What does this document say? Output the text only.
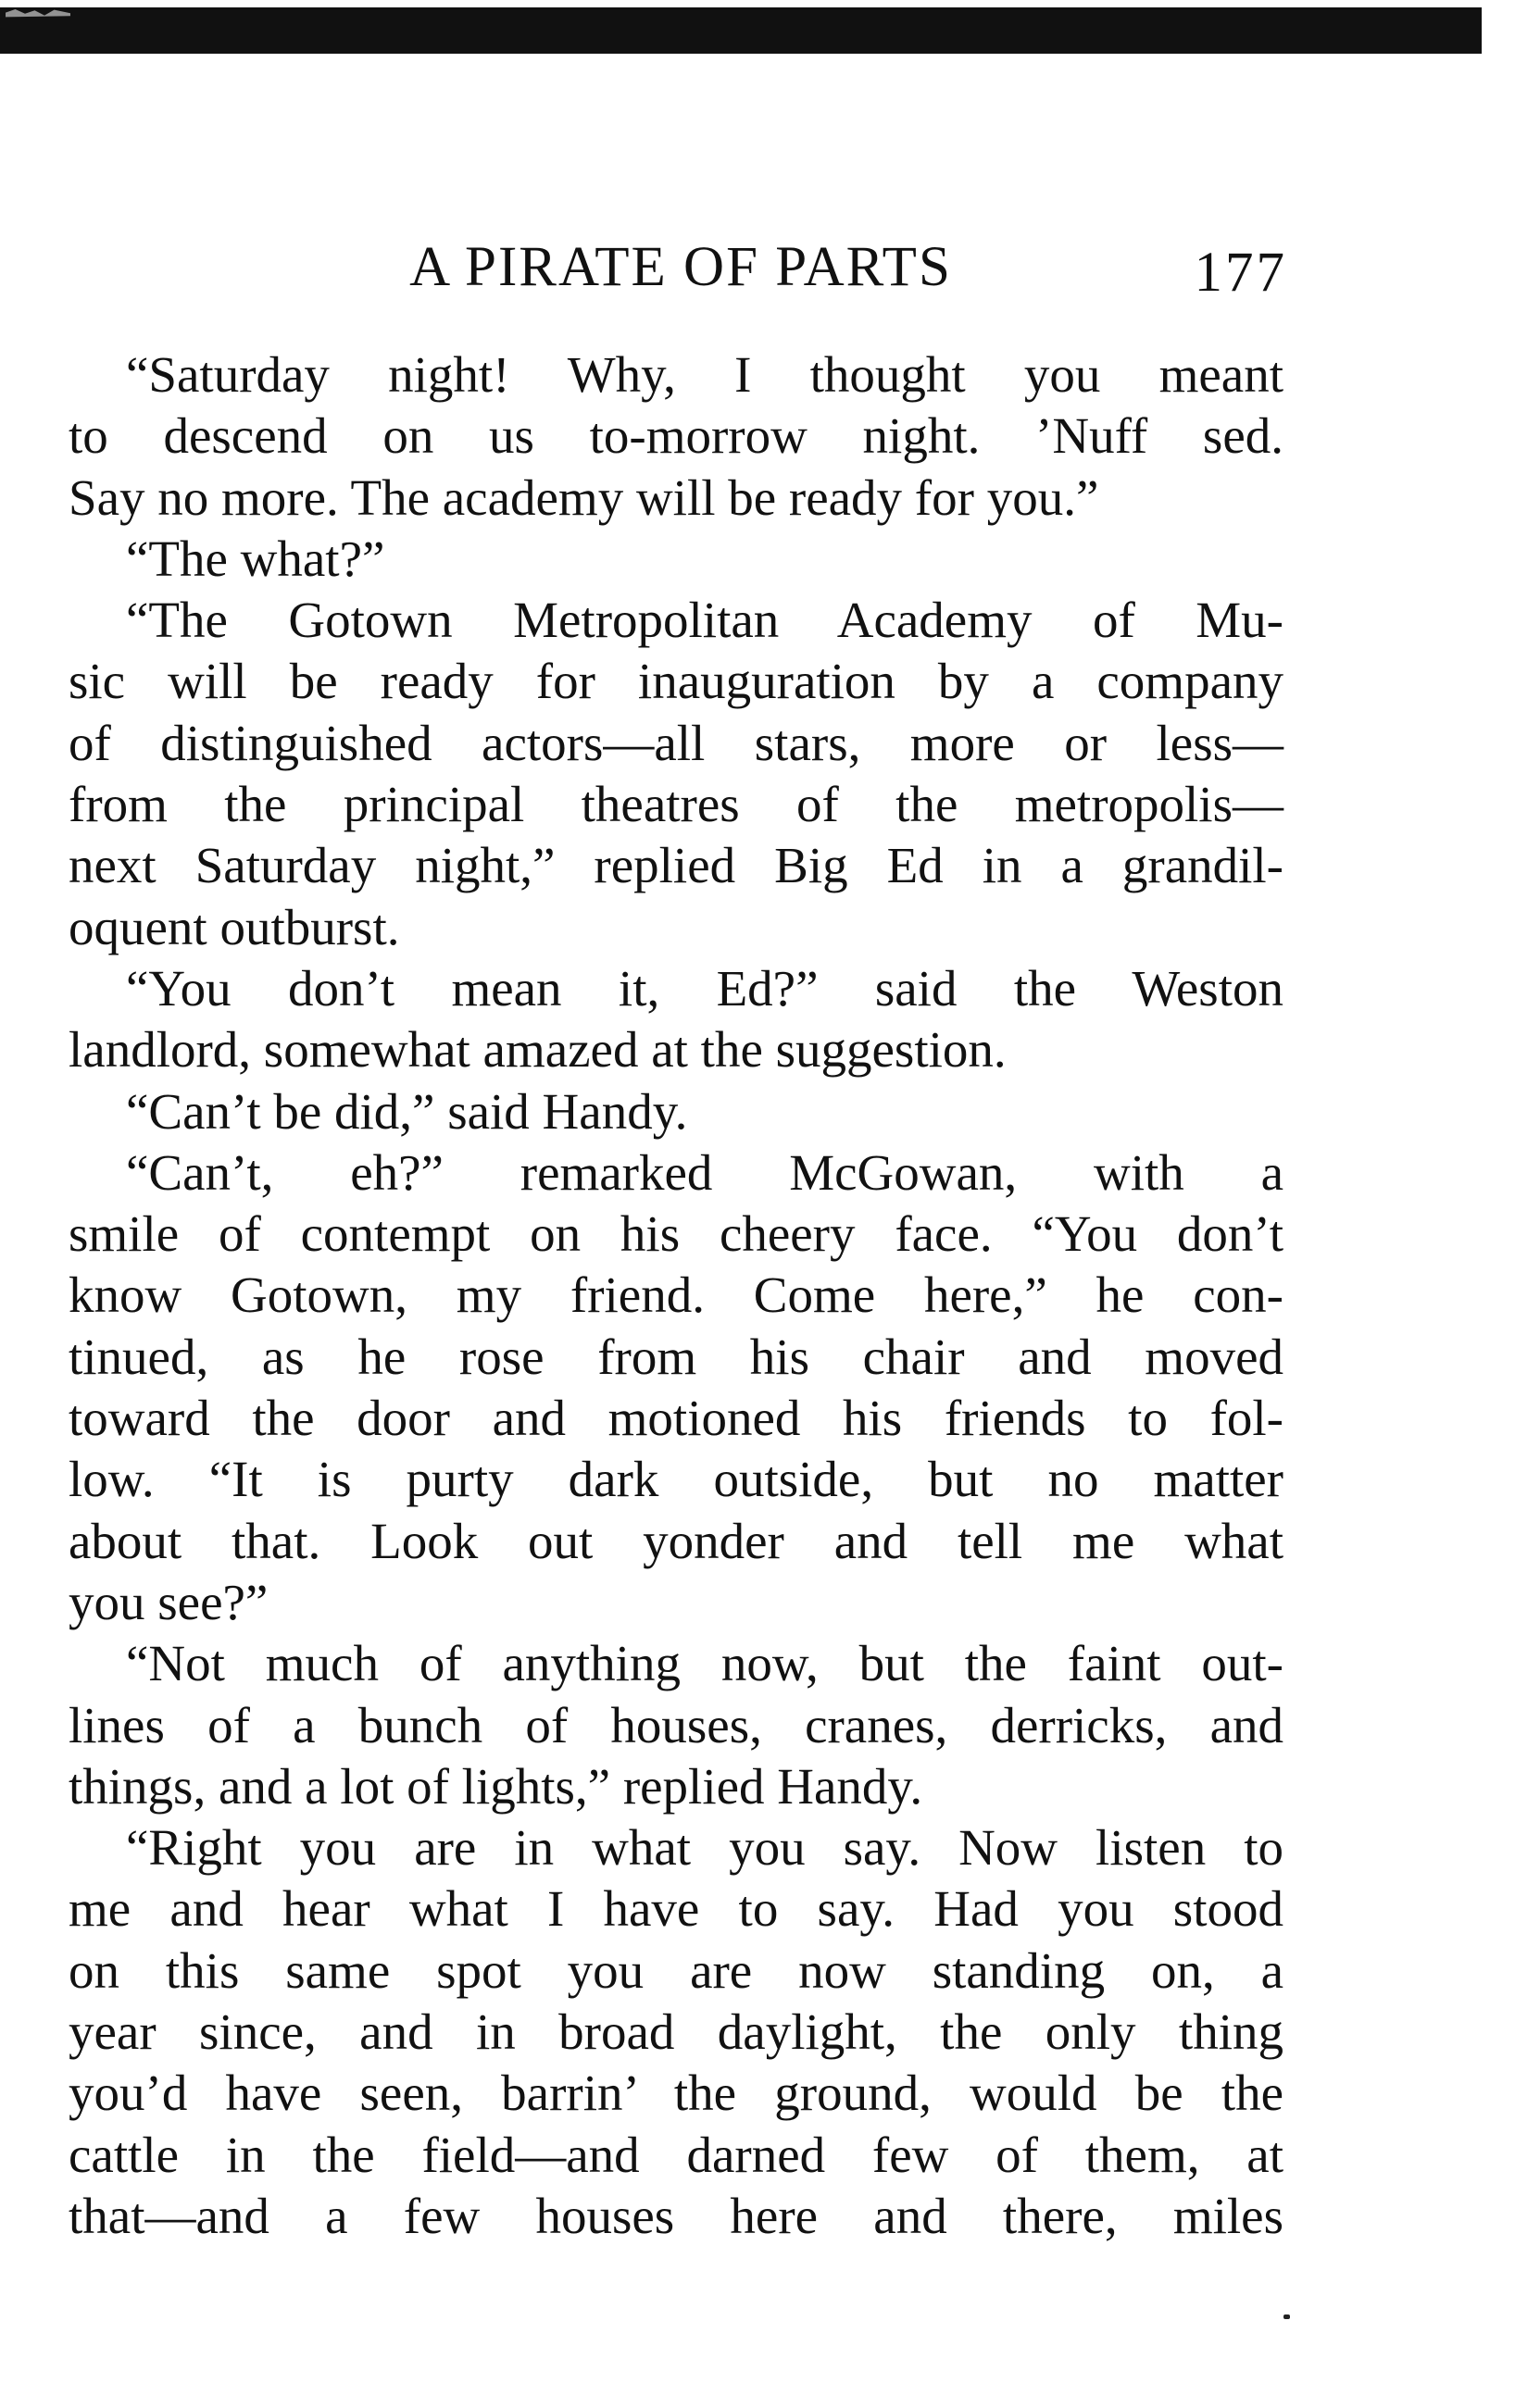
A PIRATE OF PARTS	177
“Saturday night! Why, I thought you meant
to descend on us to-morrow night. ’Nuff sed.
Say no more. The academy will be ready for you.”
“The what?”
“The Gotown Metropolitan Academy of Mu-
sic will be ready for inauguration by a company
of distinguished actors—all stars, more or less—
from the principal theatres of the metropolis—
next Saturday night,” replied Big Ed in a grandil-
oquent outburst.
“You don’t mean it, Ed?” said the Weston
landlord, somewhat amazed at the suggestion.
“Can’t be did,” said Handy.
“Can’t, eh?” remarked McGowan, with a
smile of contempt on his cheery face. “You don’t
know Gotown, my friend. Come here,” he con-
tinued, as he rose from his chair and moved
toward the door and motioned his friends to fol-
low. “It is purty dark outside, but no matter
about that. Look out yonder and tell me what
you see?”
“Not much of anything now, but the faint out-
lines of a bunch of houses, cranes, derricks, and
things, and a lot of lights,” replied Handy.
“Right you are in what you say. Now listen to
me and hear what I have to say. Had you stood
on this same spot you are now standing on, a
year since, and in broad daylight, the only thing
you’d have seen, barrin’ the ground, would be the
cattle in the field—and darned few of them, at
that—and a few houses here and there, miles
